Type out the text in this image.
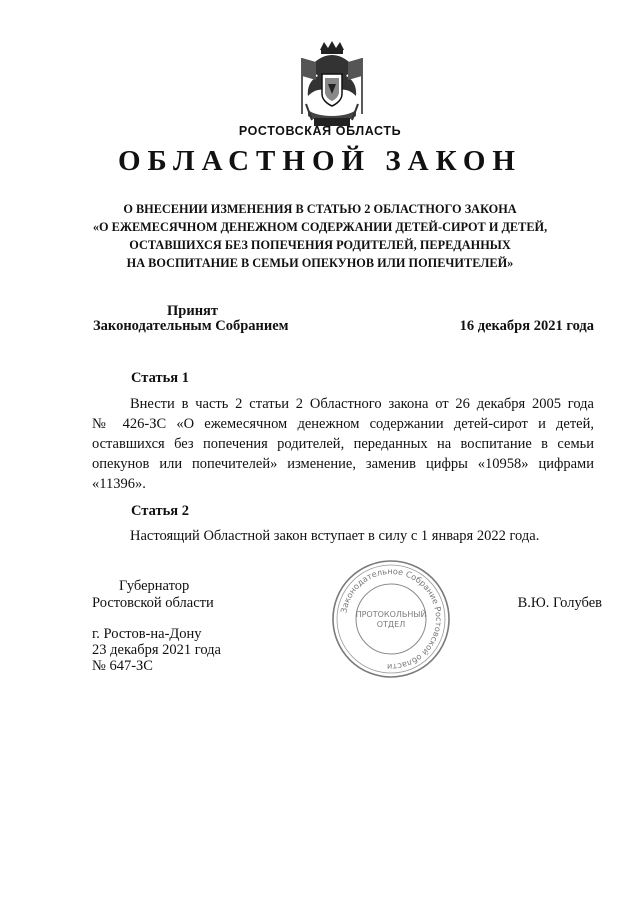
РОСТОВСКАЯ ОБЛАСТЬ
ОБЛАСТНОЙ ЗАКОН
О ВНЕСЕНИИ ИЗМЕНЕНИЯ В СТАТЬЮ 2 ОБЛАСТНОГО ЗАКОНА
«О ЕЖЕМЕСЯЧНОМ ДЕНЕЖНОМ СОДЕРЖАНИИ ДЕТЕЙ-СИРОТ И ДЕТЕЙ,
ОСТАВШИХСЯ БЕЗ ПОПЕЧЕНИЯ РОДИТЕЛЕЙ, ПЕРЕДАННЫХ
НА ВОСПИТАНИЕ В СЕМЬИ ОПЕКУНОВ ИЛИ ПОПЕЧИТЕЛЕЙ»
Принят
Законодательным Собранием	16 декабря 2021 года
Статья 1
Внести в часть 2 статьи 2 Областного закона от 26 декабря 2005 года
№ 426-ЗС «О ежемесячном денежном содержании детей-сирот и детей,
оставшихся без попечения родителей, переданных на воспитание в семьи
опекунов или попечителей» изменение, заменив цифры «10958» цифрами
«11396».
Статья 2
Настоящий Областной закон вступает в силу с 1 января 2022 года.
Губернатор
Ростовской области	В.Ю. Голубев
г. Ростов-на-Дону
23 декабря 2021 года
№ 647-ЗС
Законодательное Собрание Ростовской области
ПРОТОКОЛЬНЫЙ
ОТДЕЛ
